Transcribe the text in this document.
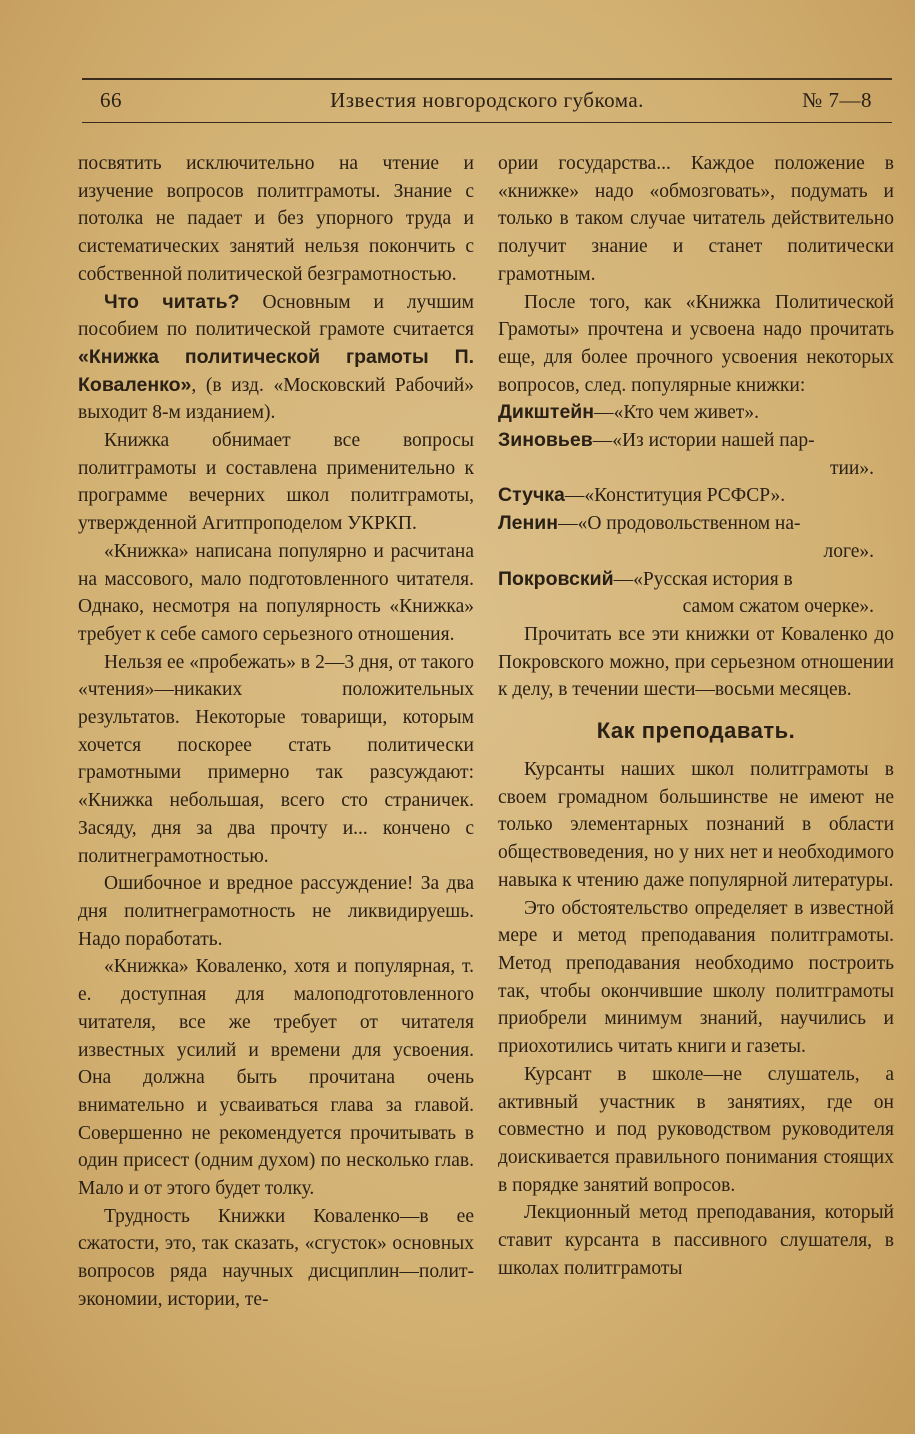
66	Известия новгородского губкома.	№ 7—8

посвятить исключительно на чтение и изучение вопросов политграмоты. Знание с потолка не падает и без упорного труда и систематических занятий нельзя покончить с собственной политической безграмотностью.

Что читать? Основным и лучшим пособием по политической грамоте считается «Книжка политической грамоты П. Коваленко», (в изд. «Московский Рабочий» выходит 8-м изданием).

Книжка обнимает все вопросы политграмоты и составлена применительно к программе вечерних школ политграмоты, утвержденной Агитпроподелом УКРКП.

«Книжка» написана популярно и расчитана на массового, мало подготовленного читателя. Однако, несмотря на популярность «Книжка» требует к себе самого серьезного отношения.

Нельзя ее «пробежать» в 2—3 дня, от такого «чтения»—никаких положительных результатов. Некоторые товарищи, которым хочется поскорее стать политически грамотными примерно так разсуждают: «Книжка небольшая, всего сто страничек. Засяду, дня за два прочту и... кончено с политнеграмотностью.

Ошибочное и вредное рассуждение! За два дня политнеграмотность не ликвидируешь. Надо поработать.

«Книжка» Коваленко, хотя и популярная, т. е. доступная для малоподготовленного читателя, все же требует от читателя известных усилий и времени для усвоения. Она должна быть прочитана очень внимательно и усваиваться глава за главой. Совершенно не рекомендуется прочитывать в один присест (одним духом) по несколько глав. Мало и от этого будет толку.

Трудность Книжки Коваленко—в ее сжатости, это, так сказать, «сгусток» основных вопросов ряда научных дисциплин—полит-экономии, истории, те-

ории государства... Каждое положение в «книжке» надо «обмозговать», подумать и только в таком случае читатель действительно получит знание и станет политически грамотным.

После того, как «Книжка Политической Грамоты» прочтена и усвоена надо прочитать еще, для более прочного усвоения некоторых вопросов, след. популярные книжки:

Дикштейн—«Кто чем живет».

Зиновьев—«Из истории нашей пар-
тии».

Стучка—«Конституция РСФСР».

Ленин—«О продовольственном на-
логе».

Покровский—«Русская история в
самом сжатом очерке».

Прочитать все эти книжки от Коваленко до Покровского можно, при серьезном отношении к делу, в течении шести—восьми месяцев.

Как преподавать.

Курсанты наших школ политграмоты в своем громадном большинстве не имеют не только элементарных познаний в области обществоведения, но у них нет и необходимого навыка к чтению даже популярной литературы.

Это обстоятельство определяет в известной мере и метод преподавания политграмоты. Метод преподавания необходимо построить так, чтобы окончившие школу политграмоты приобрели минимум знаний, научились и приохотились читать книги и газеты.

Курсант в школе—не слушатель, а активный участник в занятиях, где он совместно и под руководством руководителя доискивается правильного понимания стоящих в порядке занятий вопросов.

Лекционный метод преподавания, который ставит курсанта в пассивного слушателя, в школах политграмоты
